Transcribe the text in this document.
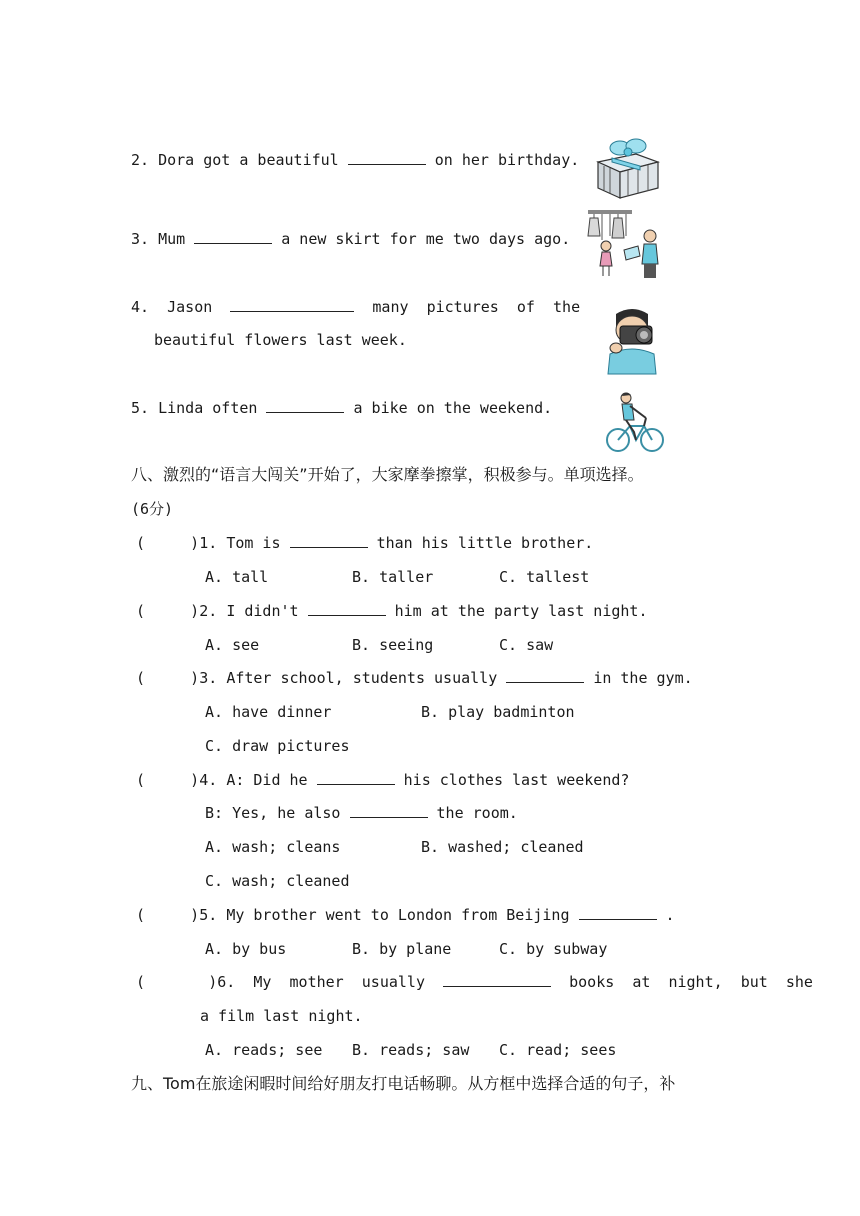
2. Dora got a beautiful	on her birthday.
3. Mum	a new skirt for me two days ago.
4. Jason	many  pictures  of  the
beautiful flowers last week.
5. Linda often	a bike on the weekend.
八、激烈的“语言大闯关”开始了，大家摩拳擦掌，积极参与。单项选择。
(6分)
(     )1. Tom is	than his little brother.
A. tall	B. taller	C. tallest
(     )2. I didn't	him at the party last night.
A. see	B. seeing	C. saw
(     )3. After school, students usually	in the gym.
A. have dinner	B. play badminton
C. draw pictures
(     )4. A: Did he	his clothes last weekend?
B: Yes, he also	the room.
A. wash; cleans	B. washed; cleaned
C. wash; cleaned
(     )5. My brother went to London from Beijing	.
A. by bus	B. by plane	C. by subway
(       )6. My  mother  usually	books  at  night,  but  she
a film last night.
A. reads; see B. reads; saw C. read; sees
九、Tom在旅途闲暇时间给好朋友打电话畅聊。从方框中选择合适的句子，补
